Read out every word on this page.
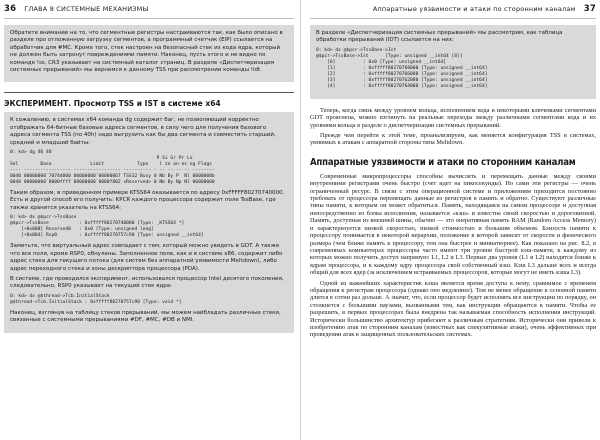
36 ГЛАВА 8 СИСТЕМНЫЕ МЕХАНИЗМЫ

Обратите внимание на то, что сегментные регистры настраиваются так, как было описано в разделе про отложенную загрузку сегментов, а программный счетчик (EIP) ссылается на обработчик для #MC. Кроме того, стек настроен на безопасный стек из кода ядра, который не должен быть затронут повреждениями памяти. Наконец, пусть этого и не видно по команде !ss, CR3 указывает на системный каталог страниц. В разделе «Диспетчеризация системных прерываний» мы вернемся к данному TSS при рассмотрении команды !idt.

ЭКСПЕРИМЕНТ. Просмотр TSS и IST в системе x64

К сожалению, в системах x64 команда dg содержит баг, не позволяющий корректно отображать 64-битные базовые адреса сегментов, в силу чего для получения базового адреса сегмента TSS (по 40h) надо выгрузить как бы два сегмента и совместить старший, средний и младший байты:

0: kd> dg 40 48
P Si Gr Pr Lo
Sel        Base              Limit            Type    l ze an es ng Flags
---- ----------------- ----------------- ---------- - -- -- -- -- --------
0040 00000000`7074d000 00000000`00000067 TSS32 Busy 0 Nb By P  Nl 0000008b
0048 00000000`0000ffff 00000000`0000f802 <Reserved> 0 Nb By Np Nl 00000000

Таким образом, в приведенном примере KTSS64 оказывается по адресу 0xFFFFF80270740000. Есть и другой способ его получить: KPCR каждого процессора содержит поле TssBase, где также хранится указатель на KTSS64:

0: kd> dx @$pcr->TssBase
@$pcr->TssBase           : 0xfffff80270740000 [Type: _KTSS64 *]
[+0x000] Reserved0   : 0x0 [Type: unsigned long]
[+0x004] Rsp0        : 0xfffff80270757c90 [Type: unsigned __int64]

Заметьте, что виртуальный адрес совпадает с тем, который можно увидеть в GDT. А также что все поля, кроме RSP0, обнулены. Заполненное поле, как и в системе x86, содержит либо адрес стека для текущего потока (для систем без аппаратной уязвимости Meltdown), либо адрес переходного стека и зоны дескриптора процессора (PDA).

В системе, где проводился эксперимент, использовался процессор Intel десятого поколения, следовательно, RSP0 указывает на текущий стек ядра:

0: kd> dx @$thread->Tcb.InitialStack
@$thread->Tcb.InitialStack : 0xfffff80270757c90 [Type: void *]

Наконец, взглянув на таблицу стеков прерываний, мы можем найбладать различные стеки, связанные с системными прерываниями #DF, #MC, #DB и NMI.

Аппаратные уязвимости и атаки по сторонним каналам 37

В разделе «Диспетчеризация системных прерываний» мы рассмотрим, как таблица обработки прерываний (IDT) ссылается на них:

0: kd> dx @$pcr->TssBase->Ist
@$pcr->TssBase->Ist      [Type: unsigned __int64 [8]]
[0]          : 0x0 [Type: unsigned __int64]
[1]          : 0xfffff80270768000 [Type: unsigned __int64]
[2]          : 0xfffff80270766000 [Type: unsigned __int64]
[3]          : 0xfffff80270762000 [Type: unsigned __int64]
[4]          : 0xfffff80270764000 [Type: unsigned __int64]

Теперь, когда связь между уровнем кольца, исполнением кода и некоторыми ключевыми сегментами GDT прояснена, можно взглянуть на реальные переходы между различными сегментами кода и их уровнями кольца в разделе о диспетчеризации системных прерываний.

Прежде чем перейти к этой теме, проанализируем, как меняется конфигурация TSS в системах, уязвимых к атакам с аппаратной стороны типа Meltdown.

Аппаратные уязвимости и атаки по сторонним каналам

Современные микропроцессоры способны вычислять и перемещать данные между своими внутренними регистрами очень быстро (счет идет на пикосекунды). Но сами эти регистры — очень ограниченный ресурс. В связи с этим операционной системе и приложениям приходится постоянно требовать от процессора перемещать данные из регистров в память и обратно. Существуют различные типы памяти, к которым он может обратиться. Память, находящаяся на самом процессоре и доступная непосредственно из блока исполнения, называется «кэш» и известна своей скоростью и дороговизной. Память, доступная из внешней шины, обычно — это оперативная память RAM (Random Access Memory) и характеризуется низкой скоростью, низкой стоимостью и большим объемом. Близость памяти к процессору понимается в некоторой иерархии, положение в которой зависит от скорости и физического размера (чем ближе память к процессору, тем она быстрее и миниатюрнее). Как показано на рис. 8.2, в современных компьютерах процессоры часто имеют три уровня быстрой кэш-памяти, к каждому из которых можно получить доступ напрямую: L1, L2 и L3. Первые два уровня (L1 и L2) находятся ближе к ядрам процессора, и к каждому ядру процессора свой собственный кэш. Кэш L3 дальше всех и всегда общий для всех ядер (за исключением встраиваемых процессоров, которые могут не иметь кэша L3).

Одной из важнейших характеристик кэша является время доступа к нему, сравнимое с временем обращения к регистрам процессора (однако оно медленнее). Тем не менее обращение к основной памяти длится в сотни раз дольше. А значит, что, если процессор будет исполнять все инструкции по порядку, он столкнется с большими паузами, вызванными тем, как инструкции обращаются к памяти. Чтобы ее разрешить, в первых процессорах была внедрена так называемая способность исполнения инструкций. Исторически большинство архитектур прибегают к различным стратегиям. Исторически они привели к изобретению атак по сторонним каналам (известных как спекулятивные атаки), очень эффективных при проведении атак в защищенных пользовательских системах.
